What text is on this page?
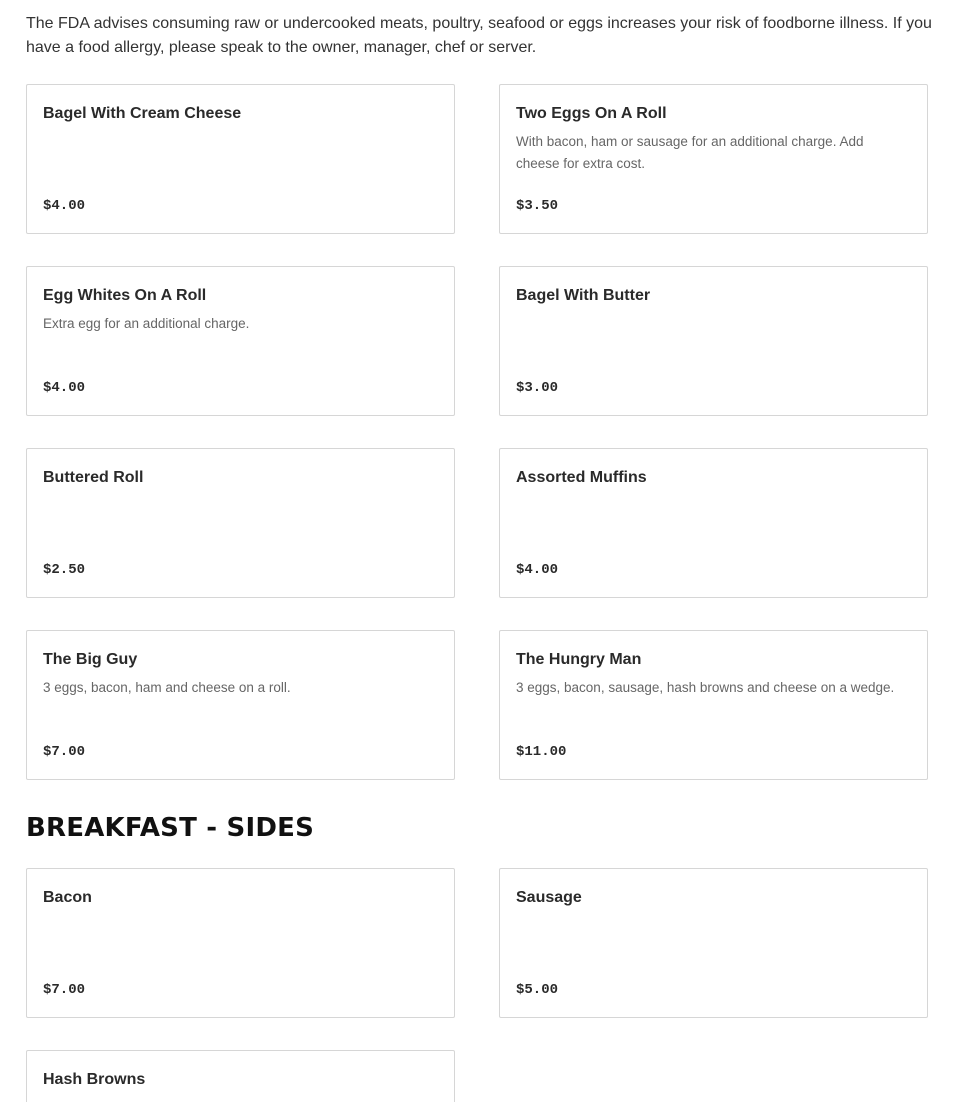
The FDA advises consuming raw or undercooked meats, poultry, seafood or eggs increases your risk of foodborne illness. If you have a food allergy, please speak to the owner, manager, chef or server.

Bagel With Cream Cheese
$4.00
Two Eggs On A Roll
With bacon, ham or sausage for an additional charge. Add cheese for extra cost.
$3.50
Egg Whites On A Roll
Extra egg for an additional charge.
$4.00
Bagel With Butter
$3.00
Buttered Roll
$2.50
Assorted Muffins
$4.00
The Big Guy
3 eggs, bacon, ham and cheese on a roll.
$7.00
The Hungry Man
3 eggs, bacon, sausage, hash browns and cheese on a wedge.
$11.00
BREAKFAST - SIDES
Bacon
$7.00
Sausage
$5.00
Hash Browns
